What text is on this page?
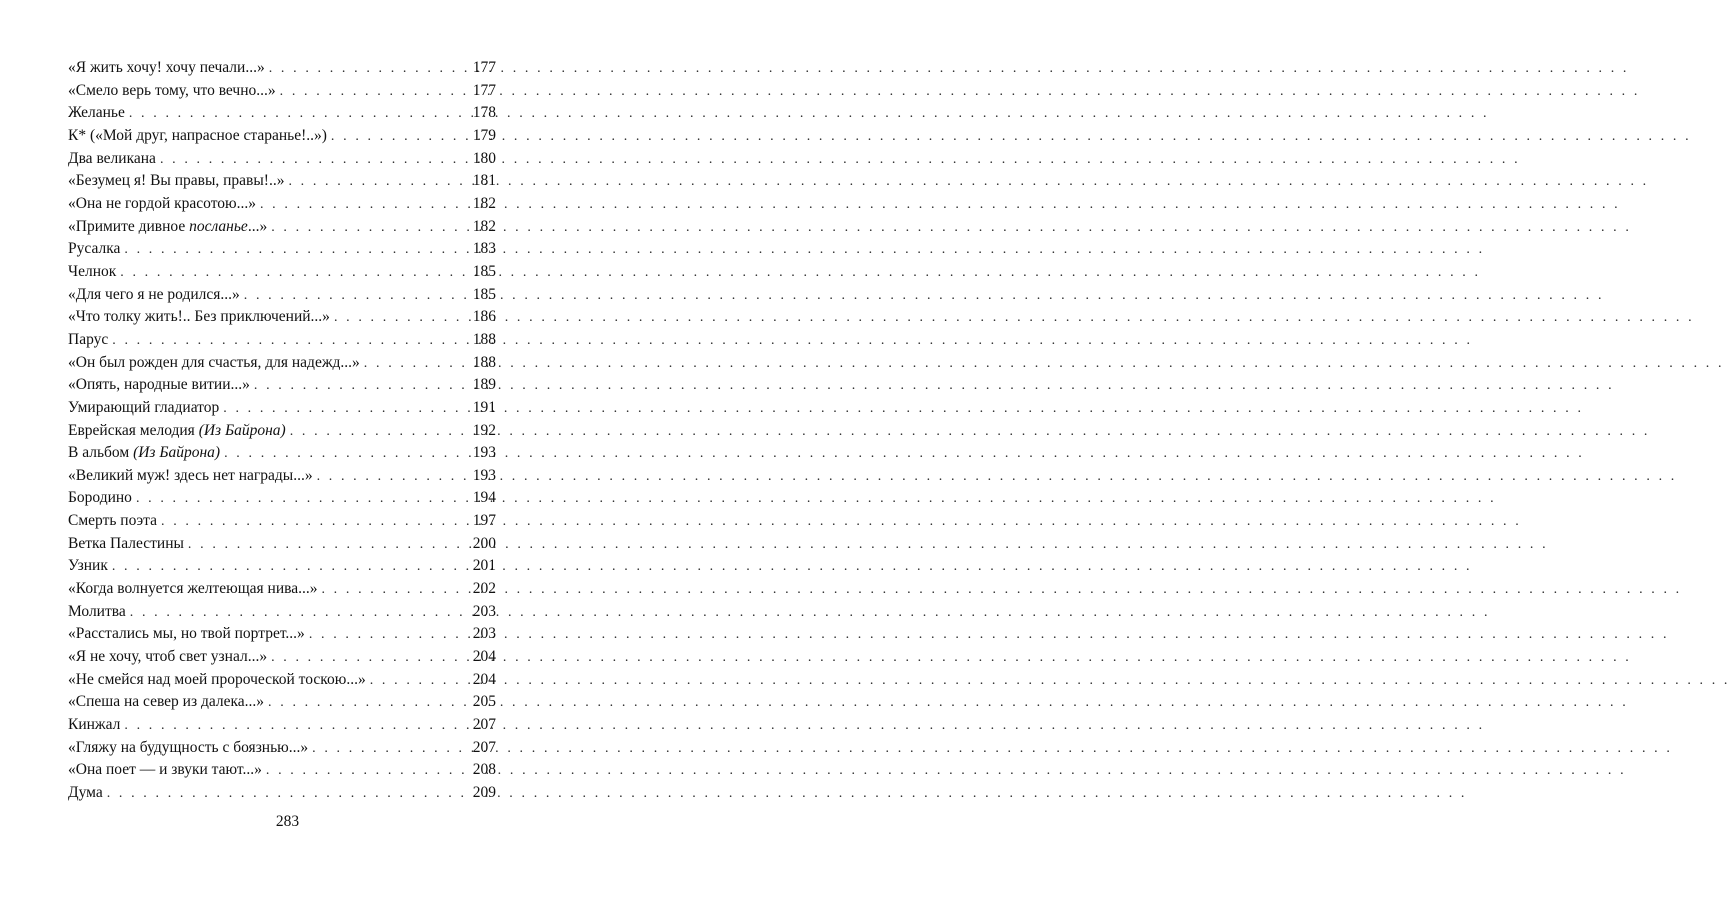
«Я жить хочу! хочу печали...» . . .	177
«Смело верь тому, что вечно...» . . .	177
Желанье . . .	178
К* («Мой друг, напрасное старанье!..») . . .	179
Два великана . . .	180
«Безумец я! Вы правы, правы!..» . . .	181
«Она не гордой красотою...» . . .	182
«Примите дивное посланье...» . . .	182
Русалка . . .	183
Челнок . . .	185
«Для чего я не родился...» . . .	185
«Что толку жить!.. Без приключений...» . . .	186
Парус . . .	188
«Он был рожден для счастья, для надежд...» . . .	188
«Опять, народные витии...» . . .	189
Умирающий гладиатор . . .	191
Еврейская мелодия (Из Байрона) . . .	192
В альбом (Из Байрона) . . .	193
«Великий муж! здесь нет награды...» . . .	193
Бородино . . .	194
Смерть поэта . . .	197
Ветка Палестины . . .	200
Узник . . .	201
«Когда волнуется желтеющая нива...» . . .	202
Молитва . . .	203
«Расстались мы, но твой портрет...» . . .	203
«Я не хочу, чтоб свет узнал...» . . .	204
«Не смейся над моей пророческой тоскою...» . . .	204
«Спеша на север из далека...» . . .	205
Кинжал . . .	207
«Гляжу на будущность с боязнью...» . . .	207
«Она поет — и звуки тают...» . . .	208
Дума . . .	209
283
